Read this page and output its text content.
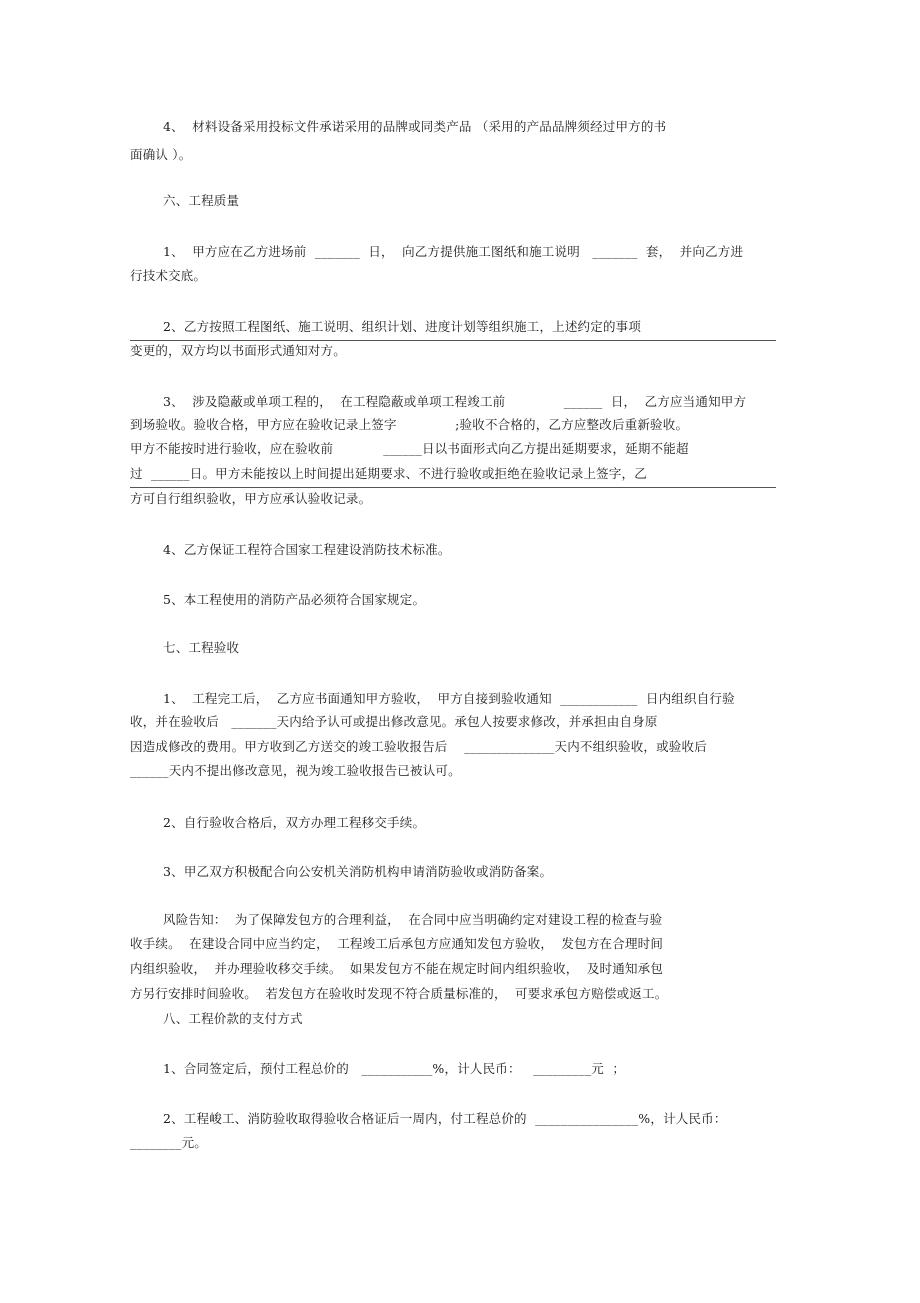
4、  材料设备采用投标文件承诺采用的品牌或同类产品 （采用的产品品牌须经过甲方的书
面确认 ）。
六、工程质量
1、  甲方应在乙方进场前  _______  日，  向乙方提供施工图纸和施工说明   _______  套，  并向乙方进
行技术交底。
2、乙方按照工程图纸、施工说明、组织计划、进度计划等组织施工，上述约定的事项
变更的，双方均以书面形式通知对方。
3、  涉及隐蔽或单项工程的，  在工程隐蔽或单项工程竣工前              ______  日，  乙方应当通知甲方
到场验收。验收合格，甲方应在验收记录上签字              ;验收不合格的，乙方应整改后重新验收。
甲方不能按时进行验收，应在验收前            ______日以书面形式向乙方提出延期要求，延期不能超
过  ______日。甲方未能按以上时间提出延期要求、不进行验收或拒绝在验收记录上签字，乙
方可自行组织验收，甲方应承认验收记录。
4、乙方保证工程符合国家工程建设消防技术标准。
5、本工程使用的消防产品必须符合国家规定。
七、工程验收
1、  工程完工后，  乙方应书面通知甲方验收，  甲方自接到验收通知  ____________  日内组织自行验
收，并在验收后   _______天内给予认可或提出修改意见。承包人按要求修改，并承担由自身原
因造成修改的费用。甲方收到乙方送交的竣工验收报告后    ______________天内不组织验收，或验收后
______天内不提出修改意见，视为竣工验收报告已被认可。
2、自行验收合格后，双方办理工程移交手续。
3、甲乙双方积极配合向公安机关消防机构申请消防验收或消防备案。
风险告知：  为了保障发包方的合理利益，  在合同中应当明确约定对建设工程的检查与验
收手续。  在建设合同中应当约定，  工程竣工后承包方应通知发包方验收，  发包方在合理时间
内组织验收，  并办理验收移交手续。  如果发包方不能在规定时间内组织验收，  及时通知承包
方另行安排时间验收。  若发包方在验收时发现不符合质量标准的，  可要求承包方赔偿或返工。
八、工程价款的支付方式
1、合同签定后，预付工程总价的   ___________%，计人民币：   _________元  ；
2、工程峻工、消防验收取得验收合格证后一周内，付工程总价的  ________________%，计人民币：
________元。
